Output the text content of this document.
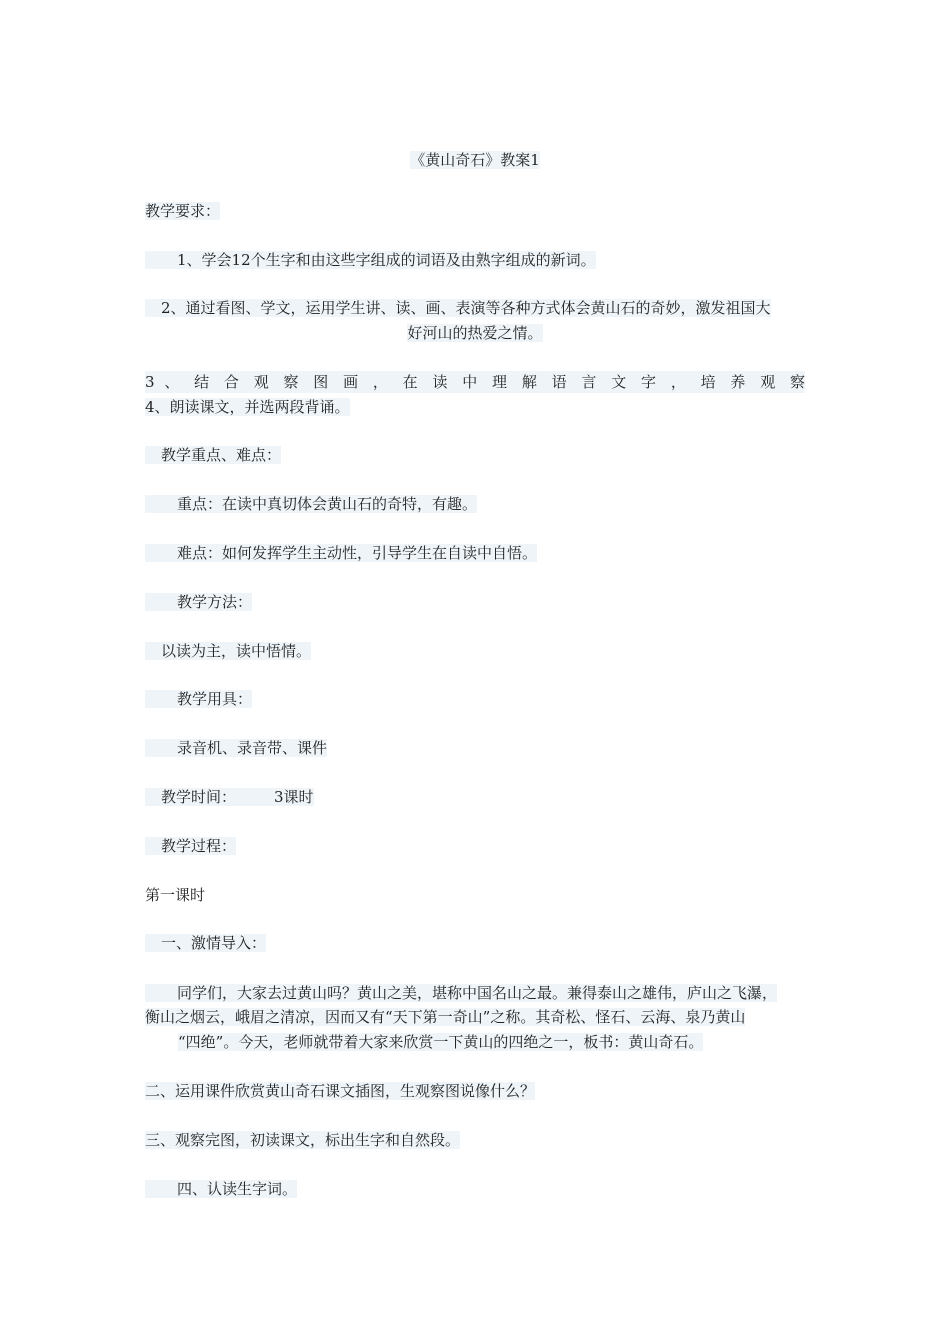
《黄山奇石》教案1
教学要求：
1、学会12个生字和由这些字组成的词语及由熟字组成的新词。
2、通过看图、学文，运用学生讲、读、画、表演等各种方式体会黄山石的奇妙，激发祖国大
好河山的热爱之情。
3 、 结 合 观 察 图 画 ， 在 读 中 理 解 语 言 文 字 ， 培 养 观 察
4、朗读课文，并选两段背诵。
教学重点、难点：
重点：在读中真切体会黄山石的奇特，有趣。
难点：如何发挥学生主动性，引导学生在自读中自悟。
教学方法：
以读为主，读中悟情。
教学用具：
录音机、录音带、课件
教学时间：	3课时
教学过程：
第一课时
一、激情导入：
同学们，大家去过黄山吗？黄山之美，堪称中国名山之最。兼得泰山之雄伟，庐山之飞瀑，
衡山之烟云，峨眉之清凉，因而又有“天下第一奇山”之称。其奇松、怪石、云海、泉乃黄山
“四绝”。今天，老师就带着大家来欣赏一下黄山的四绝之一，板书：黄山奇石。
二、运用课件欣赏黄山奇石课文插图，生观察图说像什么？
三、观察完图，初读课文，标出生字和自然段。
四、认读生字词。
